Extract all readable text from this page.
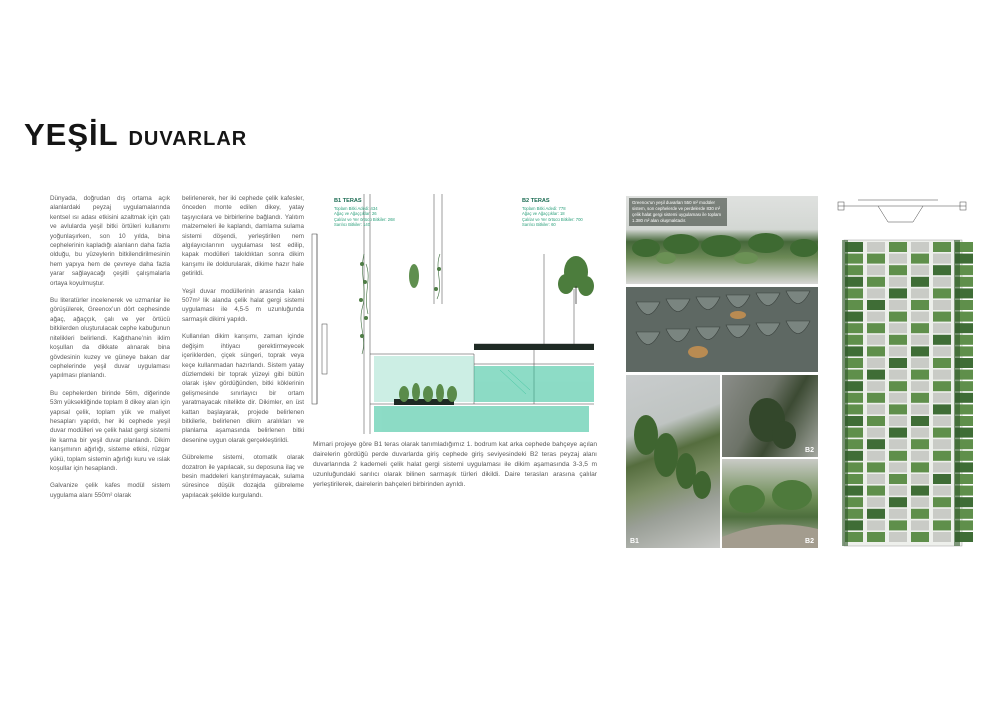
YEŞİL DUVARLAR

Dünyada, doğrudan dış ortama açık alanlardaki peyzaj uygulamalarında kentsel ısı adası etkisini azaltmak için çatı ve avlularda yeşil bitki örtüleri kullanımı yoğunlaşırken, son 10 yılda, bina cephelerinin kapladığı alanların daha fazla olduğu, bu yüzeylerin bitkilendirilmesinin hem yapıya hem de çevreye daha fazla yarar sağlayacağı çeşitli çalışmalarla ortaya koyulmuştur.

Bu literatürler incelenerek ve uzmanlar ile görüşülerek, Greenox’un dört cephesinde ağaç, ağaççık, çalı ve yer örtücü bitkilerden oluşturulacak cephe kabuğunun nitelikleri belirlendi. Kağıthane’nin iklim koşulları da dikkate alınarak bina gövdesinin kuzey ve güneye bakan dar cephelerinde yeşil duvar uygulaması yapılması planlandı.

Bu cephelerden birinde 56m, diğerinde 53m yüksekliğinde toplam 8 dikey alan için yapısal çelik, toplam yük ve maliyet hesapları yapıldı, her iki cephede yeşil duvar modülleri ve çelik halat gergi sistemi ile karma bir yeşil duvar planlandı. Dikim karışımının ağırlığı, sisteme etkisi, rüzgar yükü, toplam sistemin ağırlığı kuru ve ıslak koşullar için hesaplandı.

Galvanize çelik kafes modül sistem uygulama alanı 550m² olarak

belirlenerek, her iki cephede çelik kafesler, önceden monte edilen dikey, yatay taşıyıcılara ve birbirlerine bağlandı. Yalıtım malzemeleri ile kaplandı, damlama sulama sistemi döşendi, yerleştirilen nem algılayıcılarının uygulaması test edilip, kapak modülleri takıldıktan sonra dikim karışımı ile doldurularak, dikime hazır hale getirildi.

Yeşil duvar modüllerinin arasında kalan 507m² lik alanda çelik halat gergi sistemi uygulaması ile 4,5-5 m uzunluğunda sarmaşık dikimi yapıldı.

Kullanılan dikim karışımı, zaman içinde değişim ihtiyacı gerektirmeyecek içeriklerden, çiçek süngeri, toprak veya keçe kullanmadan hazırlandı. Sistem yatay düzlemdeki bir toprak yüzeyi gibi bütün olarak işlev gördüğünden, bitki köklerinin gelişmesinde sınırlayıcı bir ortam yaratmayacak nitelikte dir. Dikimler, en üst kattan başlayarak, projede belirlenen bitkilerle, belirlenen dikim aralıkları ve planlama aşamasında belirlenen bitki desenine uygun olarak gerçekleştirildi.

Gübreleme sistemi, otomatik olarak dozatron ile yapılacak, su deposuna ilaç ve besin maddeleri karıştırılmayacak, sulama süresince düşük dozajda gübreleme yapılacak şekilde kurgulandı.

B1 TERAS
Toplam Bitki Adedi: 434
Ağaç ve Ağaççıklar: 26
Çalılar ve Yer örtücü Bitkiler: 268
Sarılıcı Bitkiler: 140
B2 TERAS
Toplam Bitki Adedi: 778
Ağaç ve Ağaççıklar: 18
Çalılar ve Yer örtücü Bitkiler: 700
Sarılıcı Bitkiler: 60

Mimari projeye göre B1 teras olarak tanımladığımız 1. bodrum kat arka cephede bahçeye açılan dairelerin gördüğü perde duvarlarda giriş cephede giriş seviyesindeki B2 teras peyzaj alanı duvarlarında 2 kademeli çelik halat gergi sistemi uygulaması ile dikim aşamasında 3-3,5 m uzunluğundaki sarılıcı olarak bilinen sarmaşık türleri dikildi. Daire terasları arasına çalılar yerleştirilerek, dairelerin bahçeleri birbirinden ayrıldı.

Greenox’un yeşil duvarları 550 m² modüler sistem, son cephelerde ve perdelerde 830 m² çelik halat gergi sistemi uygulaması ile toplam 1.380 m² alan oluşmaktadır.
B1
B2
B2
